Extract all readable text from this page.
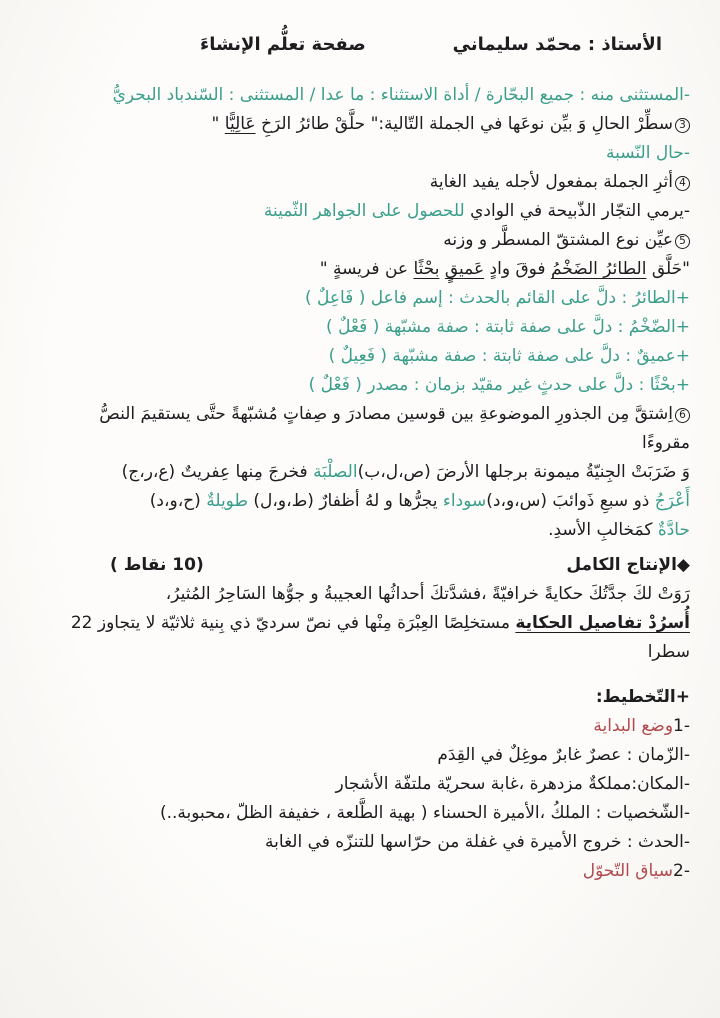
الأستاذ : محمّد سليماني
صفحة تعلُّم الإنشاءَ
-المستثنى منه : جميع البحّارة / أداة الاستثناء : ما عدا / المستثنى : السّندباد البحريُّ
3سطِّرْ الحالِ وَ بيِّن نوعَها في الجملة التّالية:" حلَّقْ طائرُ الرَخِ عَالِيًّا "
-حال النّسبة
4أثرِ الجملة بمفعول لأجله يفيد الغاية
-يرمي التجّار الذّبيحة في الوادي للحصول على الجواهر الثّمينة
5عيِّن نوع المشتقّ المسطَّر و وزنه
"حَلَّق الطائرُ الضَخْمُ فوقَ وادٍ عَميقٍ بحْثًا عن فريسةٍ "
+الطائرُ : دلَّ على القائم بالحدث : إسم فاعل ( فَاعِلٌ )
+الضّخْمُ : دلَّ على صفة ثابتة : صفة مشبّهة ( فَعْلٌ )
+عميقٌ : دلَّ على صفة ثابتة : صفة مشبّهة ( فَعِيلٌ )
+بحْثًا : دلَّ على حدثٍ غير مقيّد بزمان : مصدر ( فَعْلٌ )
6اِشتقَّ مِن الجذورِ الموضوعةِ بين قوسين مصادرَ و صِفاتٍ مُشبّهةً حتَّى يستقيمَ النصُّ
مقروءًا
وَ ضَرَبَتْ الجِنيّةُ ميمونة برجلها الأرضَ (ص،ل،ب)الصلْبَة فخرجَ مِنها عِفريتٌ (ع،ر،ج)
أَعْرَجُ ذو سبعِ ذَوائبَ (س،و،د)سوداء يجرُّها و لهُ أظفارٌ (ط،و،ل) طويلةٌ (ح،و،د)
حادَّةٌ كمَخالبِ الأسدِ.
◆الإنتاج الكامل
(10 نقاط )
رَوَتْ لكَ جدَّتُكَ حكايةً خرافيّةً ،فشدَّتكَ أحداثُها العجيبةُ و جوُّها السَاحِرُ المُثيرُ،
أُسرُدْ تفاصيل الحكاية مستخلِصًا العِبْرَة مِنْها في نصّ سرديّ ذي بِنية ثلاثيّة لا يتجاوز 22
سطرا
+التّخطيط:
1-وضع البداية
-الزّمان : عصرٌ غابرٌ موغِلٌ في القِدَم
-المكان:مملكةٌ مزدهرة ،غابة سحريّة ملتفّة الأشجار
-الشّخصيات : الملكُ ،الأميرة الحسناء ( بهية الطَّلعة ، خفيفة الظلّ ،محبوبة..)
-الحدث : خروج الأميرة في غفلة من حرّاسها للتنزّه في الغابة
2-سياق التّحوّل
